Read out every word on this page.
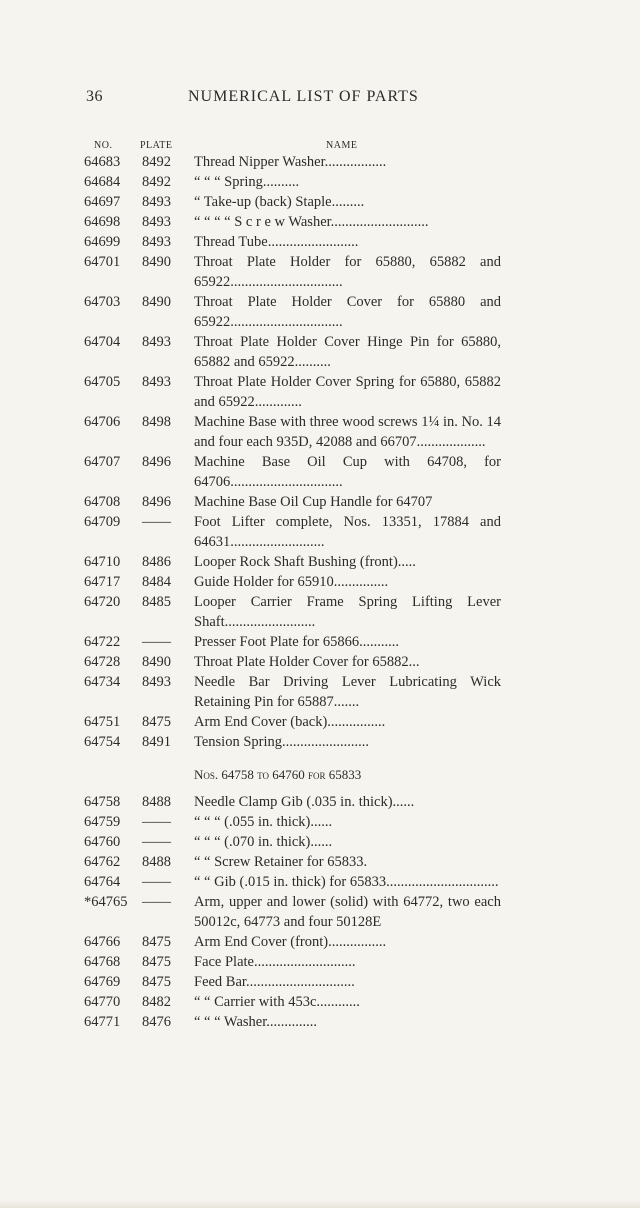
36	NUMERICAL LIST OF PARTS
NO.	PLATE	NAME
64683 8492 Thread Nipper Washer.................
64684 8492 “ “ “ Spring..........
64697 8493 “ Take-up (back) Staple.........
64698 8493 “ “ “ “ S c r e w Washer...........................
64699 8493 Thread Tube.........................
64701 8490 Throat Plate Holder for 65880, 65882 and 65922...............................
64703 8490 Throat Plate Holder Cover for 65880 and 65922...............................
64704 8493 Throat Plate Holder Cover Hinge Pin for 65880, 65882 and 65922..........
64705 8493 Throat Plate Holder Cover Spring for 65880, 65882 and 65922.............
64706 8498 Machine Base with three wood screws 1¼ in. No. 14 and four each 935D, 42088 and 66707...................
64707 8496 Machine Base Oil Cup with 64708, for 64706...............................
64708 8496 Machine Base Oil Cup Handle for 64707
64709 —— Foot Lifter complete, Nos. 13351, 17884 and 64631..........................
64710 8486 Looper Rock Shaft Bushing (front).....
64717 8484 Guide Holder for 65910...............
64720 8485 Looper Carrier Frame Spring Lifting Lever Shaft.........................
64722 —— Presser Foot Plate for 65866...........
64728 8490 Throat Plate Holder Cover for 65882...
64734 8493 Needle Bar Driving Lever Lubricating Wick Retaining Pin for 65887.......
64751 8475 Arm End Cover (back)................
64754 8491 Tension Spring........................
Nos. 64758 to 64760 for 65833
64758 8488 Needle Clamp Gib (.035 in. thick)......
64759 —— “ “ “ (.055 in. thick)......
64760 —— “ “ “ (.070 in. thick)......
64762 8488 “ “ Screw Retainer for 65833.
64764 —— “ “ Gib (.015 in. thick) for 65833...............................
*64765 —— Arm, upper and lower (solid) with 64772, two each 50012c, 64773 and four 50128E
64766 8475 Arm End Cover (front)................
64768 8475 Face Plate............................
64769 8475 Feed Bar..............................
64770 8482 “ “ Carrier with 453c............
64771 8476 “ “ “ Washer..............
